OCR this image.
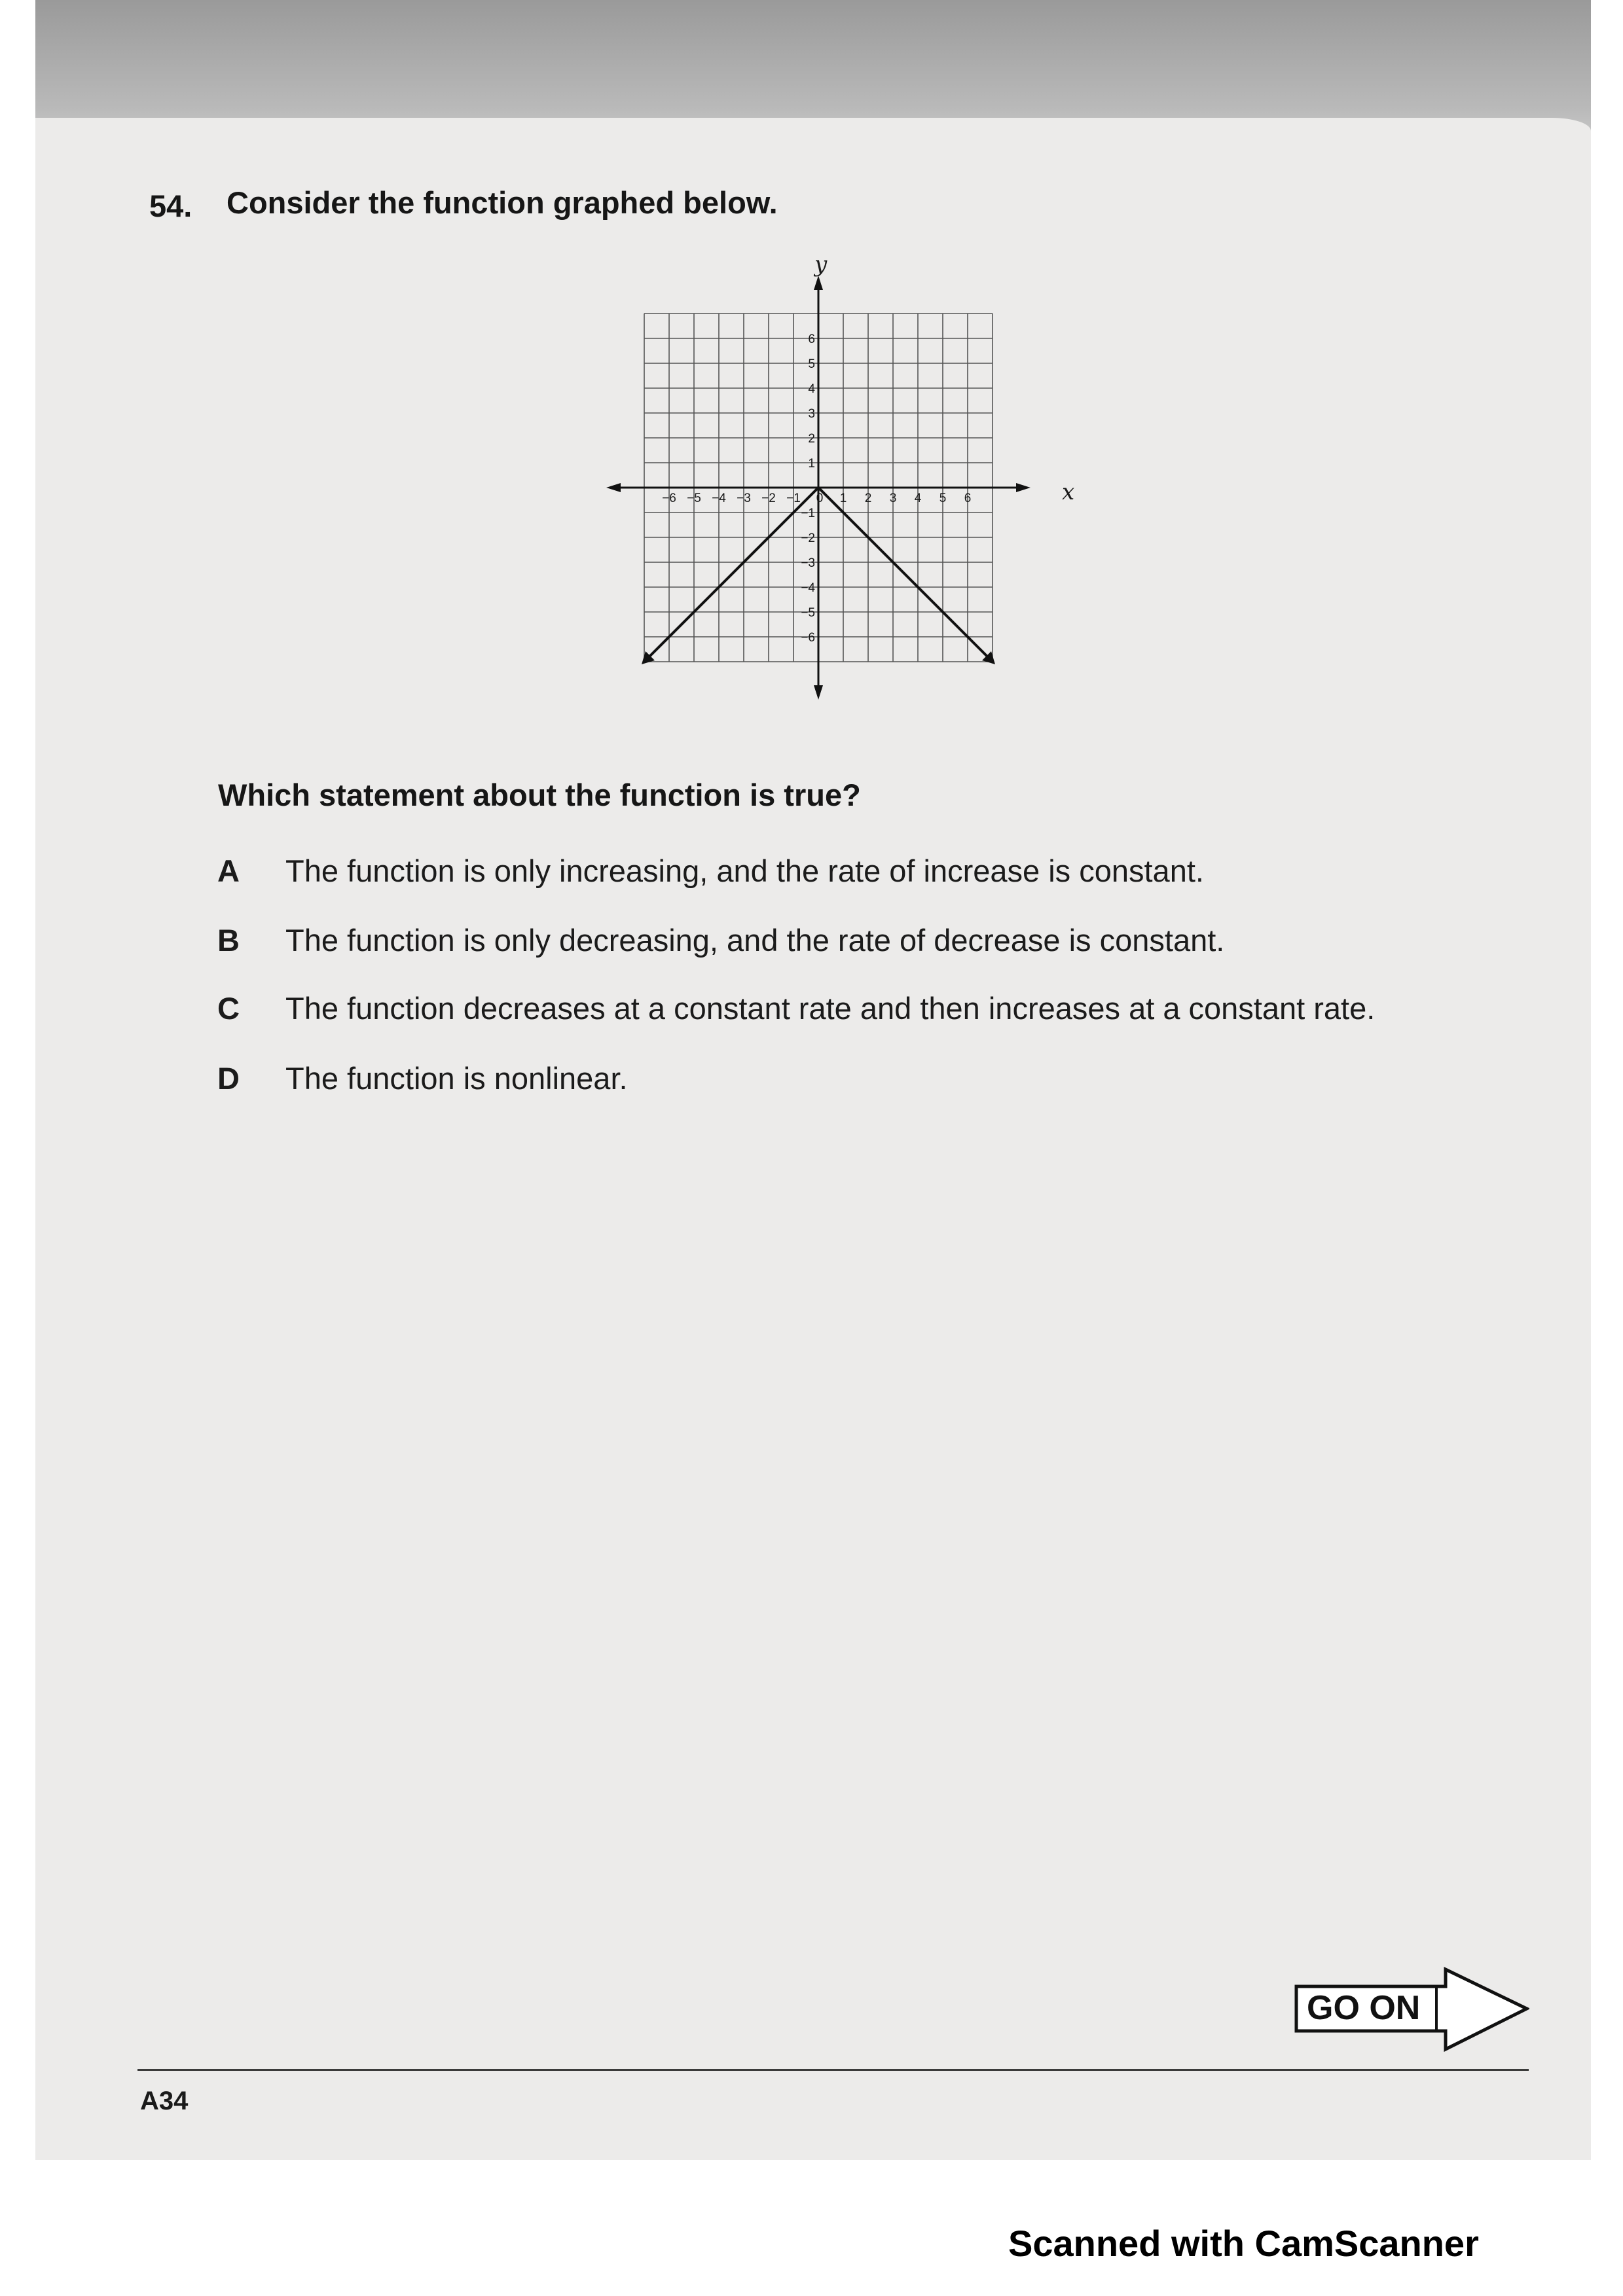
54. Consider the function graphed below.
−6 −5 −4 −3 −2 −1 0 1 2 3 4 5 6
6
5
4
3
2
1
−1
−2
−3
−4
−5
−6
x
y
Which statement about the function is true?
A The function is only increasing, and the rate of increase is constant.
B The function is only decreasing, and the rate of decrease is constant.
C The function decreases at a constant rate and then increases at a constant rate.
D The function is nonlinear.
GO ON
A34
Scanned with CamScanner
